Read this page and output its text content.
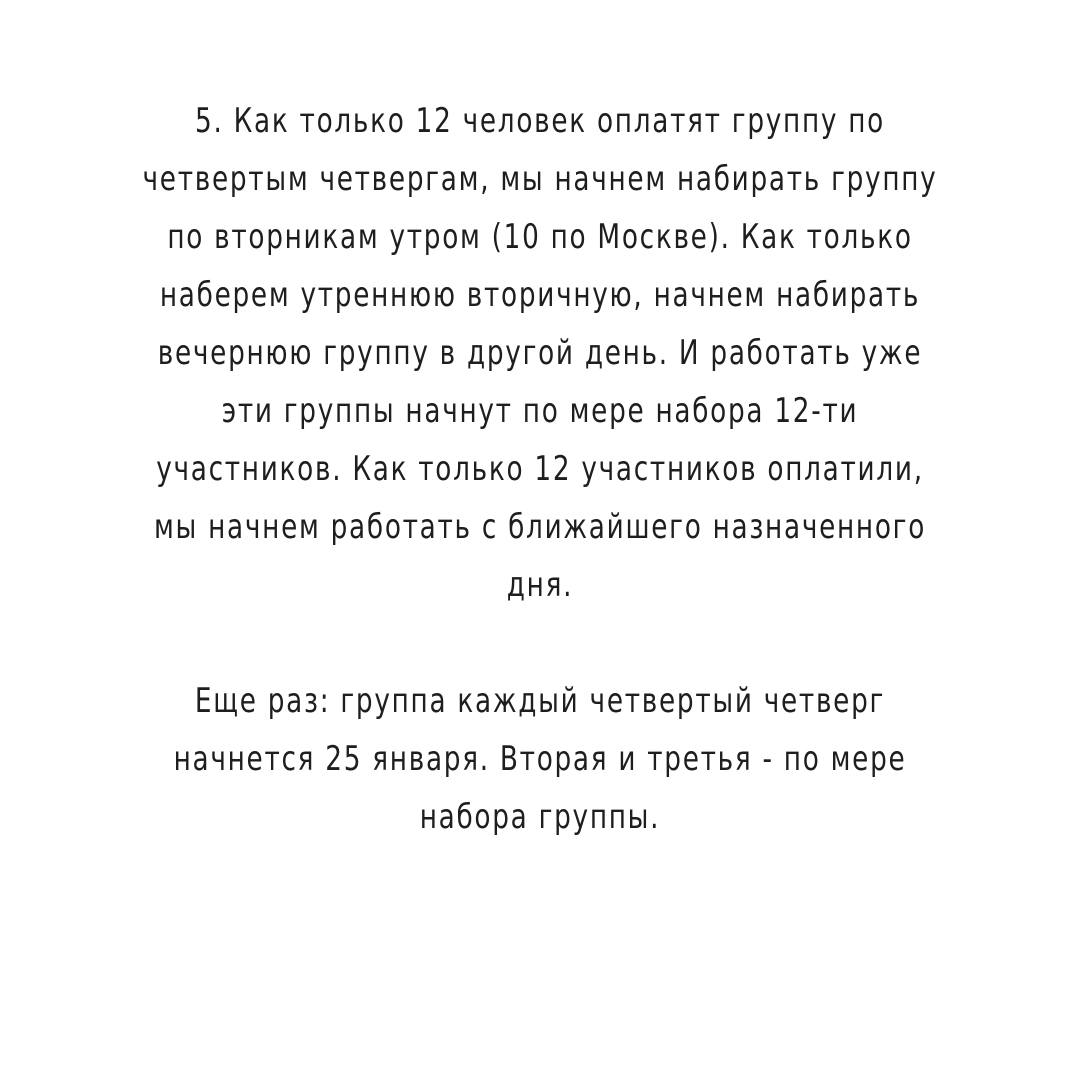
5. Как только 12 человек оплатят группу по
четвертым четвергам, мы начнем набирать группу
по вторникам утром (10 по Москве). Как только
наберем утреннюю вторичную, начнем набирать
вечернюю группу в другой день. И работать уже
эти группы начнут по мере набора 12-ти
участников. Как только 12 участников оплатили,
мы начнем работать с ближайшего назначенного
дня.
Еще раз: группа каждый четвертый четверг
начнется 25 января. Вторая и третья - по мере
набора группы.
